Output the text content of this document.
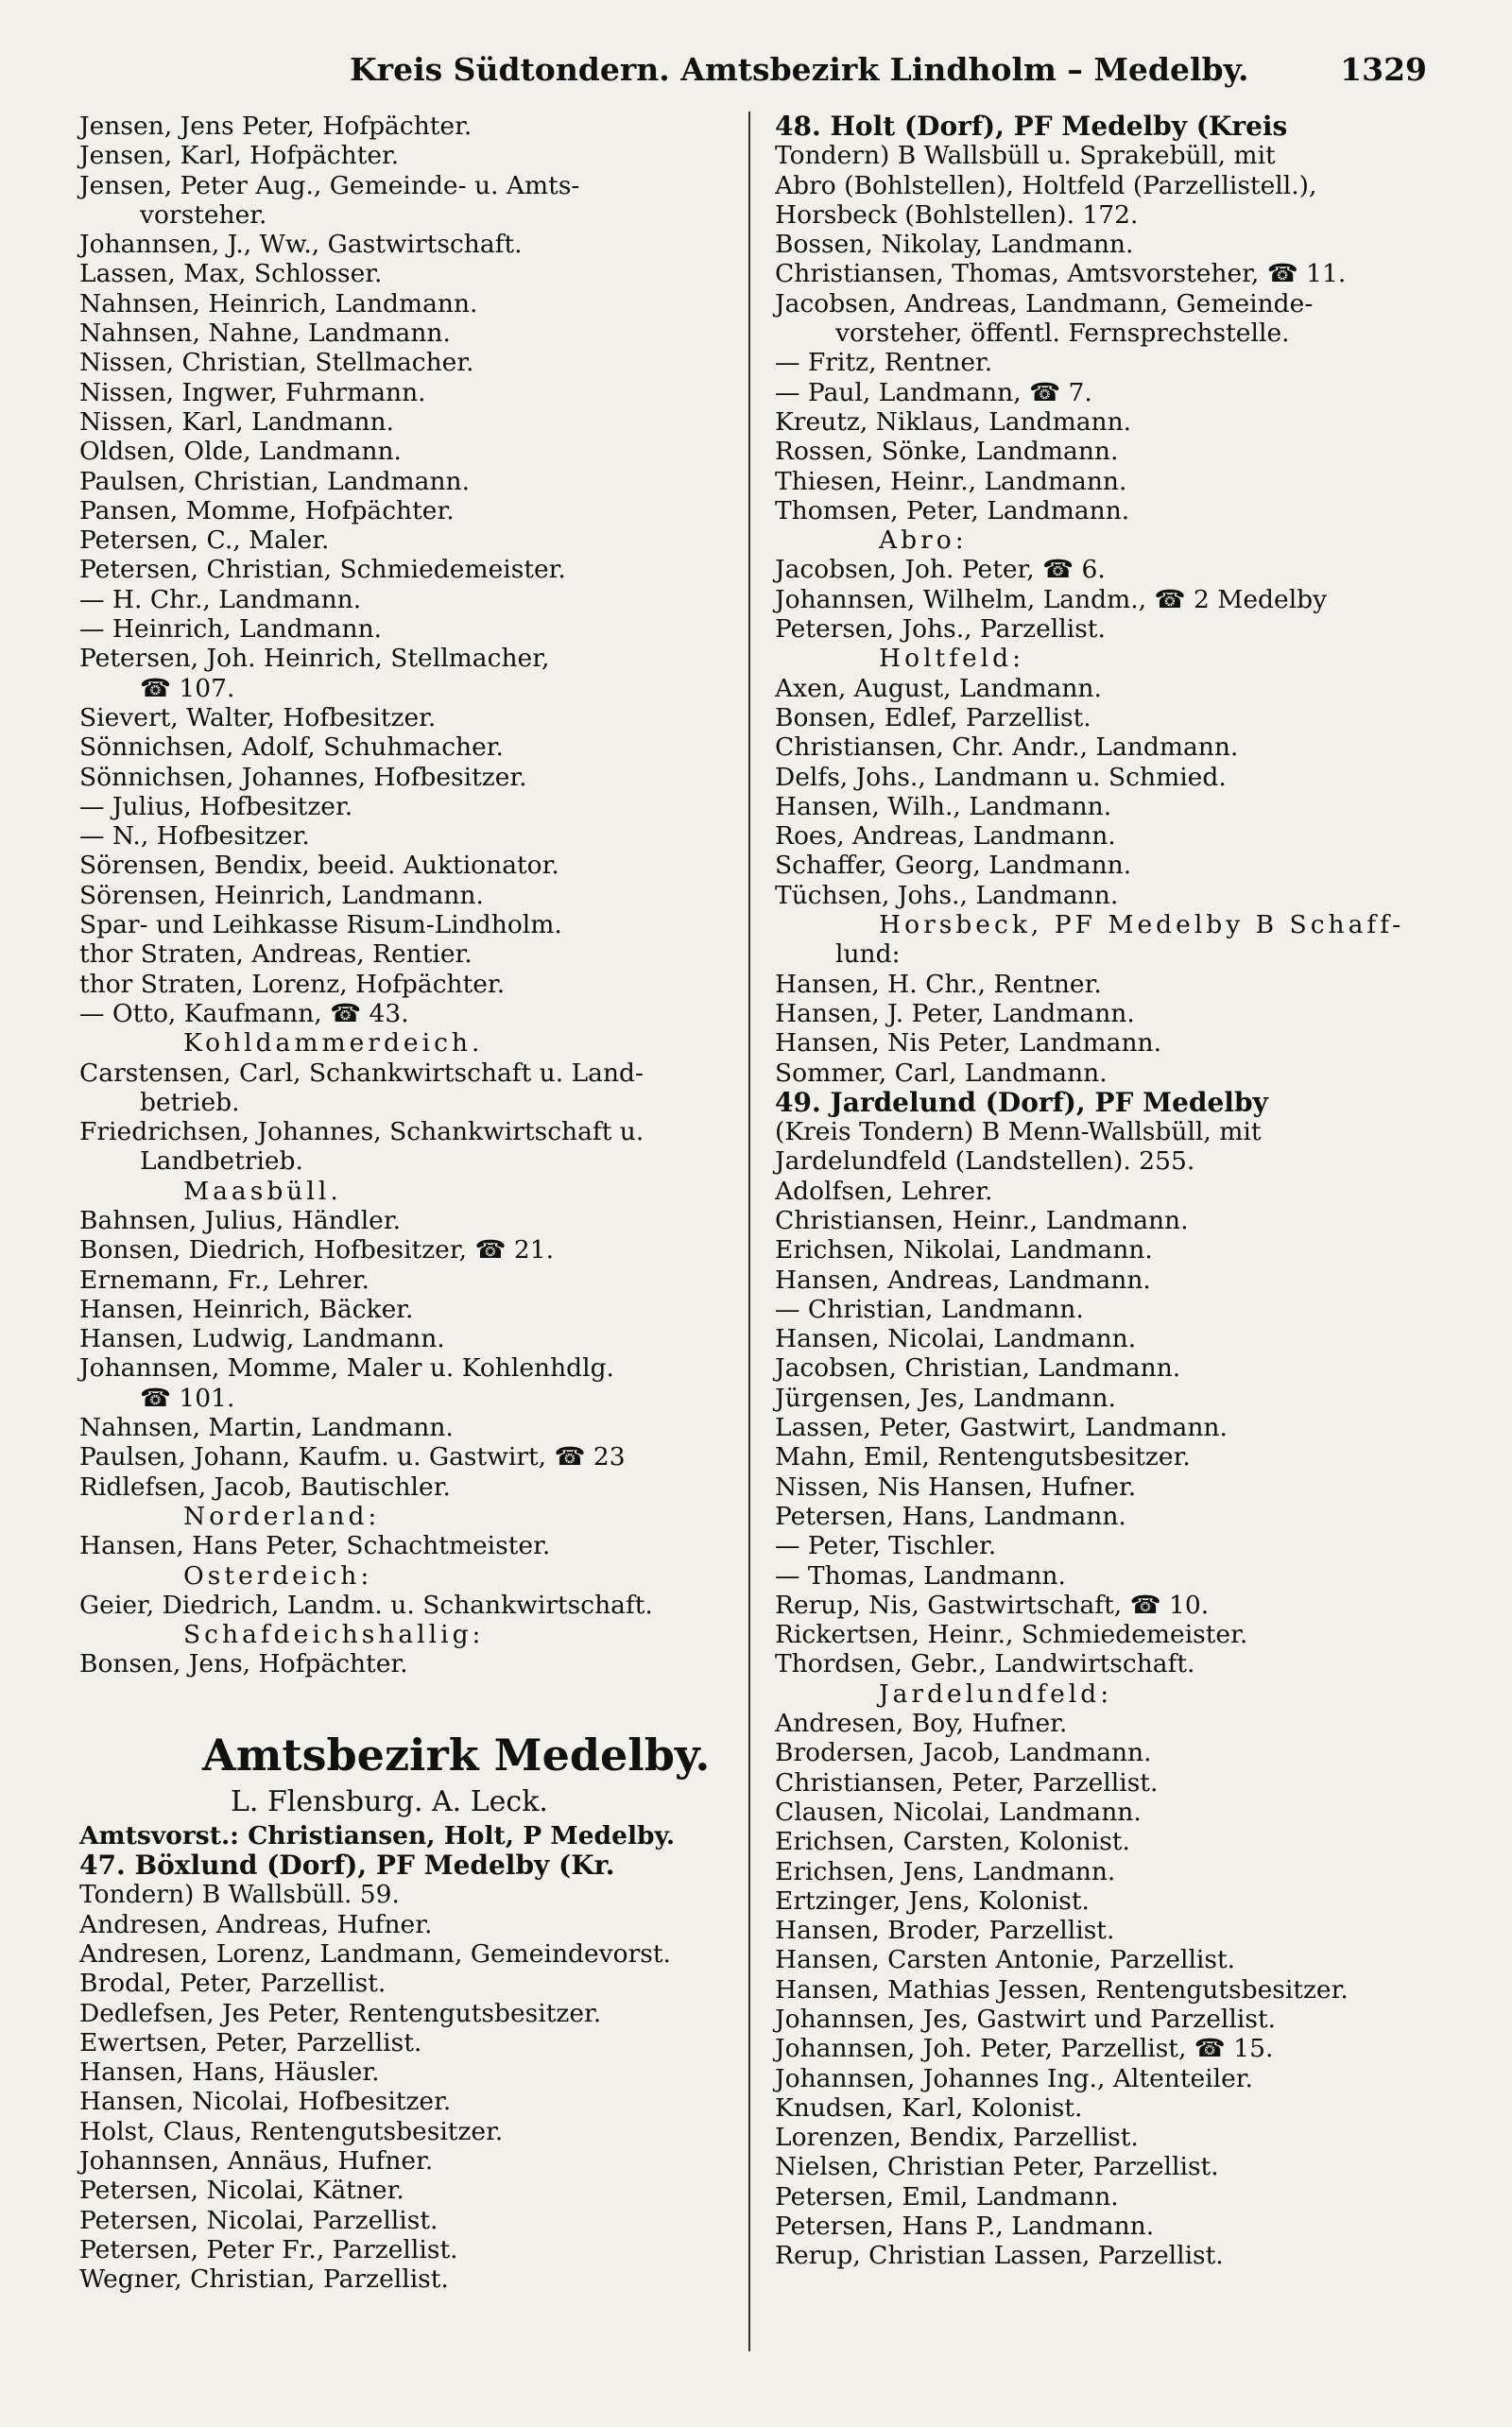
Kreis Südtondern. Amtsbezirk Lindholm – Medelby.	1329
Jensen, Jens Peter, Hofpächter.
Jensen, Karl, Hofpächter.
Jensen, Peter Aug., Gemeinde- u. Amts-
vorsteher.
Johannsen, J., Ww., Gastwirtschaft.
Lassen, Max, Schlosser.
Nahnsen, Heinrich, Landmann.
Nahnsen, Nahne, Landmann.
Nissen, Christian, Stellmacher.
Nissen, Ingwer, Fuhrmann.
Nissen, Karl, Landmann.
Oldsen, Olde, Landmann.
Paulsen, Christian, Landmann.
Pansen, Momme, Hofpächter.
Petersen, C., Maler.
Petersen, Christian, Schmiedemeister.
— H. Chr., Landmann.
— Heinrich, Landmann.
Petersen, Joh. Heinrich, Stellmacher,
☎ 107.
Sievert, Walter, Hofbesitzer.
Sönnichsen, Adolf, Schuhmacher.
Sönnichsen, Johannes, Hofbesitzer.
— Julius, Hofbesitzer.
— N., Hofbesitzer.
Sörensen, Bendix, beeid. Auktionator.
Sörensen, Heinrich, Landmann.
Spar- und Leihkasse Risum-Lindholm.
thor Straten, Andreas, Rentier.
thor Straten, Lorenz, Hofpächter.
— Otto, Kaufmann, ☎ 43.
Kohldammerdeich.
Carstensen, Carl, Schankwirtschaft u. Land-
betrieb.
Friedrichsen, Johannes, Schankwirtschaft u.
Landbetrieb.
Maasbüll.
Bahnsen, Julius, Händler.
Bonsen, Diedrich, Hofbesitzer, ☎ 21.
Ernemann, Fr., Lehrer.
Hansen, Heinrich, Bäcker.
Hansen, Ludwig, Landmann.
Johannsen, Momme, Maler u. Kohlenhdlg.
☎ 101.
Nahnsen, Martin, Landmann.
Paulsen, Johann, Kaufm. u. Gastwirt, ☎ 23
Ridlefsen, Jacob, Bautischler.
Norderland:
Hansen, Hans Peter, Schachtmeister.
Osterdeich:
Geier, Diedrich, Landm. u. Schankwirtschaft.
Schafdeichshallig:
Bonsen, Jens, Hofpächter.
Amtsbezirk Medelby.
L. Flensburg. A. Leck.
Amtsvorst.: Christiansen, Holt, P Medelby.
47. Böxlund (Dorf), PF Medelby (Kr.
Tondern) B Wallsbüll. 59.
Andresen, Andreas, Hufner.
Andresen, Lorenz, Landmann, Gemeindevorst.
Brodal, Peter, Parzellist.
Dedlefsen, Jes Peter, Rentengutsbesitzer.
Ewertsen, Peter, Parzellist.
Hansen, Hans, Häusler.
Hansen, Nicolai, Hofbesitzer.
Holst, Claus, Rentengutsbesitzer.
Johannsen, Annäus, Hufner.
Petersen, Nicolai, Kätner.
Petersen, Nicolai, Parzellist.
Petersen, Peter Fr., Parzellist.
Wegner, Christian, Parzellist.
48. Holt (Dorf), PF Medelby (Kreis
Tondern) B Wallsbüll u. Sprakebüll, mit
Abro (Bohlstellen), Holtfeld (Parzellistell.),
Horsbeck (Bohlstellen). 172.
Bossen, Nikolay, Landmann.
Christiansen, Thomas, Amtsvorsteher, ☎ 11.
Jacobsen, Andreas, Landmann, Gemeinde-
vorsteher, öffentl. Fernsprechstelle.
— Fritz, Rentner.
— Paul, Landmann, ☎ 7.
Kreutz, Niklaus, Landmann.
Rossen, Sönke, Landmann.
Thiesen, Heinr., Landmann.
Thomsen, Peter, Landmann.
Abro:
Jacobsen, Joh. Peter, ☎ 6.
Johannsen, Wilhelm, Landm., ☎ 2 Medelby
Petersen, Johs., Parzellist.
Holtfeld:
Axen, August, Landmann.
Bonsen, Edlef, Parzellist.
Christiansen, Chr. Andr., Landmann.
Delfs, Johs., Landmann u. Schmied.
Hansen, Wilh., Landmann.
Roes, Andreas, Landmann.
Schaffer, Georg, Landmann.
Tüchsen, Johs., Landmann.
Horsbeck, PF Medelby B Schaff-
lund:
Hansen, H. Chr., Rentner.
Hansen, J. Peter, Landmann.
Hansen, Nis Peter, Landmann.
Sommer, Carl, Landmann.
49. Jardelund (Dorf), PF Medelby
(Kreis Tondern) B Menn-Wallsbüll, mit
Jardelundfeld (Landstellen). 255.
Adolfsen, Lehrer.
Christiansen, Heinr., Landmann.
Erichsen, Nikolai, Landmann.
Hansen, Andreas, Landmann.
— Christian, Landmann.
Hansen, Nicolai, Landmann.
Jacobsen, Christian, Landmann.
Jürgensen, Jes, Landmann.
Lassen, Peter, Gastwirt, Landmann.
Mahn, Emil, Rentengutsbesitzer.
Nissen, Nis Hansen, Hufner.
Petersen, Hans, Landmann.
— Peter, Tischler.
— Thomas, Landmann.
Rerup, Nis, Gastwirtschaft, ☎ 10.
Rickertsen, Heinr., Schmiedemeister.
Thordsen, Gebr., Landwirtschaft.
Jardelundfeld:
Andresen, Boy, Hufner.
Brodersen, Jacob, Landmann.
Christiansen, Peter, Parzellist.
Clausen, Nicolai, Landmann.
Erichsen, Carsten, Kolonist.
Erichsen, Jens, Landmann.
Ertzinger, Jens, Kolonist.
Hansen, Broder, Parzellist.
Hansen, Carsten Antonie, Parzellist.
Hansen, Mathias Jessen, Rentengutsbesitzer.
Johannsen, Jes, Gastwirt und Parzellist.
Johannsen, Joh. Peter, Parzellist, ☎ 15.
Johannsen, Johannes Ing., Altenteiler.
Knudsen, Karl, Kolonist.
Lorenzen, Bendix, Parzellist.
Nielsen, Christian Peter, Parzellist.
Petersen, Emil, Landmann.
Petersen, Hans P., Landmann.
Rerup, Christian Lassen, Parzellist.
